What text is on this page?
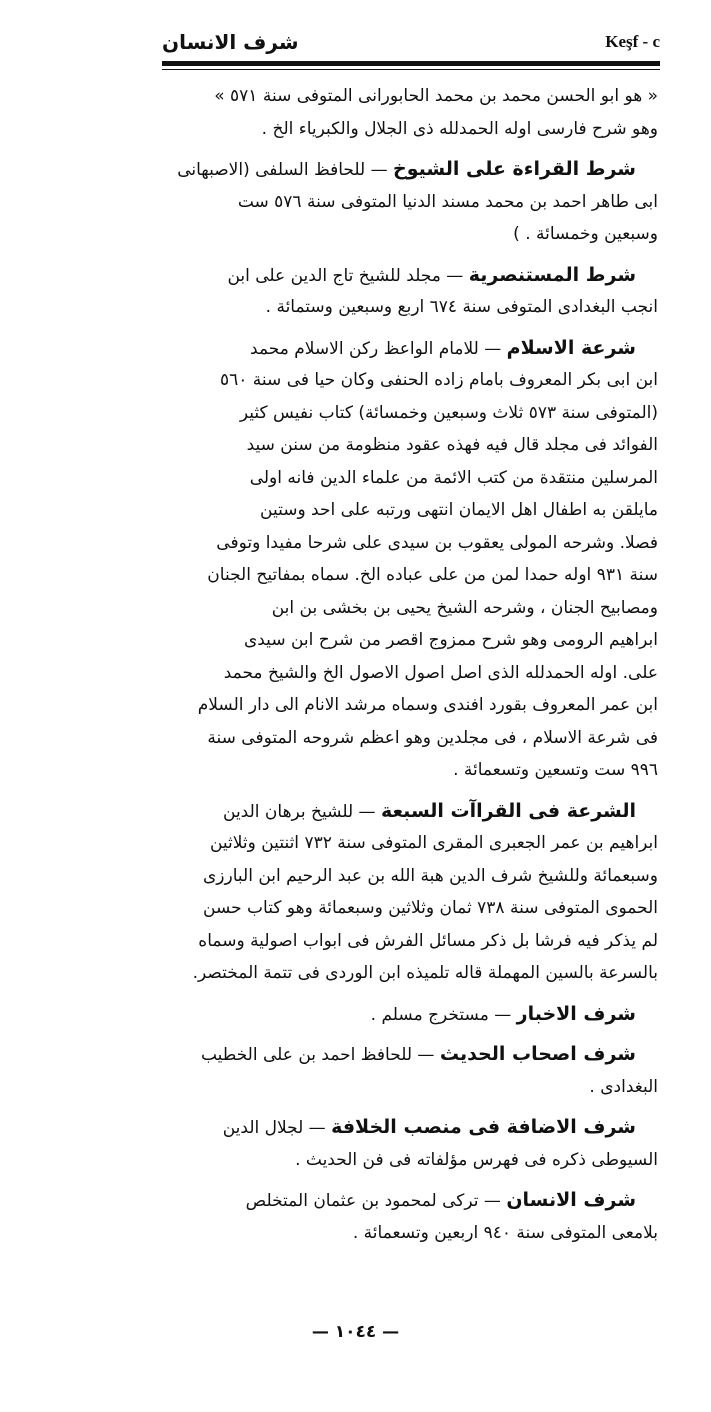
شرف الانسان	Keşf - c
« هو ابو الحسن محمد بن محمد الحابورانى المتوفى سنة ٥٧١ »
وهو شرح فارسى اوله الحمدلله ذى الجلال والكبرياء الخ .
شرط القراءة على الشيوخ — للحافظ السلفى (الاصبهانى
ابى طاهر احمد بن محمد مسند الدنيا المتوفى سنة ٥٧٦ ست
وسبعين وخمسائة . )
شرط المستنصرية — مجلد للشيخ تاج الدين على ابن
انجب البغدادى المتوفى سنة ٦٧٤ اربع وسبعين وستمائة .
شرعة الاسلام — للامام الواعظ ركن الاسلام محمد
ابن ابى بكر المعروف بامام زاده الحنفى وكان حيا فى سنة ٥٦٠
(المتوفى سنة ٥٧٣ ثلاث وسبعين وخمسائة) كتاب نفيس كثير
الفوائد فى مجلد قال فيه فهذه عقود منظومة من سنن سيد
المرسلين منتقدة من كتب الائمة من علماء الدين فانه اولى
مايلقن به اطفال اهل الايمان انتهى ورتبه على احد وستين
فصلا. وشرحه المولى يعقوب بن سيدى على شرحا مفيدا وتوفى
سنة ٩٣١ اوله حمدا لمن من على عباده الخ. سماه بمفاتيح الجنان
ومصابيح الجنان ، وشرحه الشيخ يحيى بن بخشى بن ابن
ابراهيم الرومى وهو شرح ممزوج اقصر من شرح ابن سيدى
على. اوله الحمدلله الذى اصل اصول الاصول الخ والشيخ محمد
ابن عمر المعروف بقورد افندى وسماه مرشد الانام الى دار السلام
فى شرعة الاسلام ، فى مجلدين وهو اعظم شروحه المتوفى سنة
٩٩٦ ست وتسعين وتسعمائة .
الشرعة فى القراآت السبعة — للشيخ برهان الدين
ابراهيم بن عمر الجعبرى المقرى المتوفى سنة ٧٣٢ اثنتين وثلاثين
وسبعمائة وللشيخ شرف الدين هبة الله بن عبد الرحيم ابن البارزى
الحموى المتوفى سنة ٧٣٨ ثمان وثلاثين وسبعمائة وهو كتاب حسن
لم يذكر فيه فرشا بل ذكر مسائل الفرش فى ابواب اصولية وسماه
بالسرعة بالسين المهملة قاله تلميذه ابن الوردى فى تتمة المختصر.
شرف الاخبار — مستخرج مسلم .
شرف اصحاب الحديث — للحافظ احمد بن على الخطيب
البغدادى .
شرف الاضافة فى منصب الخلافة — لجلال الدين
السيوطى ذكره فى فهرس مؤلفاته فى فن الحديث .
شرف الانسان — تركى لمحمود بن عثمان المتخلص
بلامعى المتوفى سنة ٩٤٠ اربعين وتسعمائة .
— ١٠٤٤ —
